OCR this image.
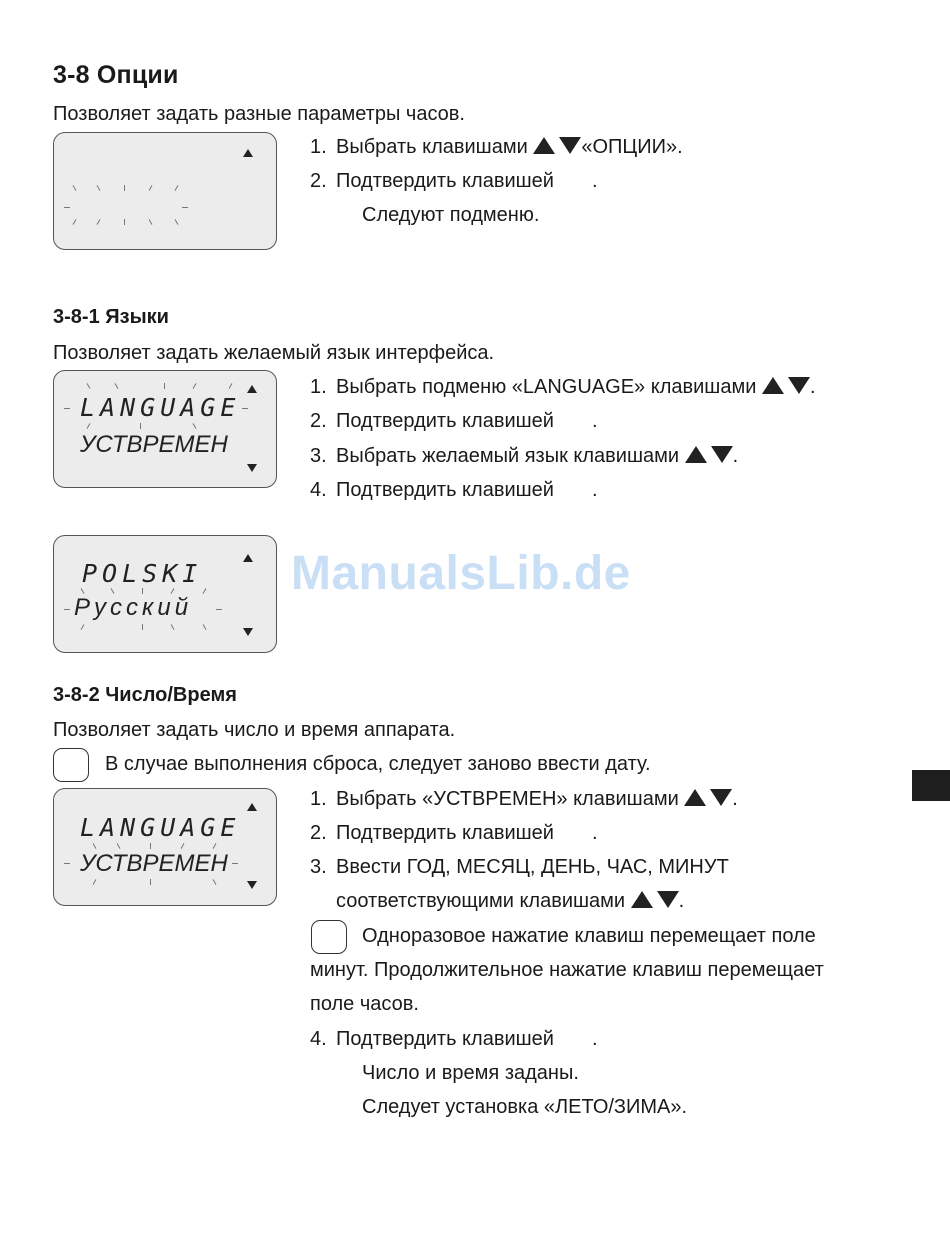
3-8 Опции
Позволяет задать разные параметры часов.
1. Выбрать клавишами	«ОПЦИИ».
2. Подтвердить клавишей .
Следуют подменю.
3-8-1 Языки
Позволяет задать желаемый язык интерфейса.
LANGUAGE
УСТВРЕМЕН
1. Выбрать подменю «LANGUAGE» клавишами	.
2. Подтвердить клавишей .
3. Выбрать желаемый язык клавишами	.
4. Подтвердить клавишей .
POLSKI
Русский
ManualsLib.de
3-8-2 Число/Время
Позволяет задать число и время аппарата.
В случае выполнения сброса, следует заново ввести дату.
LANGUAGE
УСТВРЕМЕН
1. Выбрать «УСТВРЕМЕН» клавишами	.
2. Подтвердить клавишей .
3. Ввести ГОД, МЕСЯЦ, ДЕНЬ, ЧАС, МИНУТ
соответствующими клавишами	.
Одноразовое нажатие клавиш перемещает поле
минут. Продолжительное нажатие клавиш перемещает
поле часов.
4. Подтвердить клавишей .
Число и время заданы.
Следует установка «ЛЕТО/ЗИМА».
